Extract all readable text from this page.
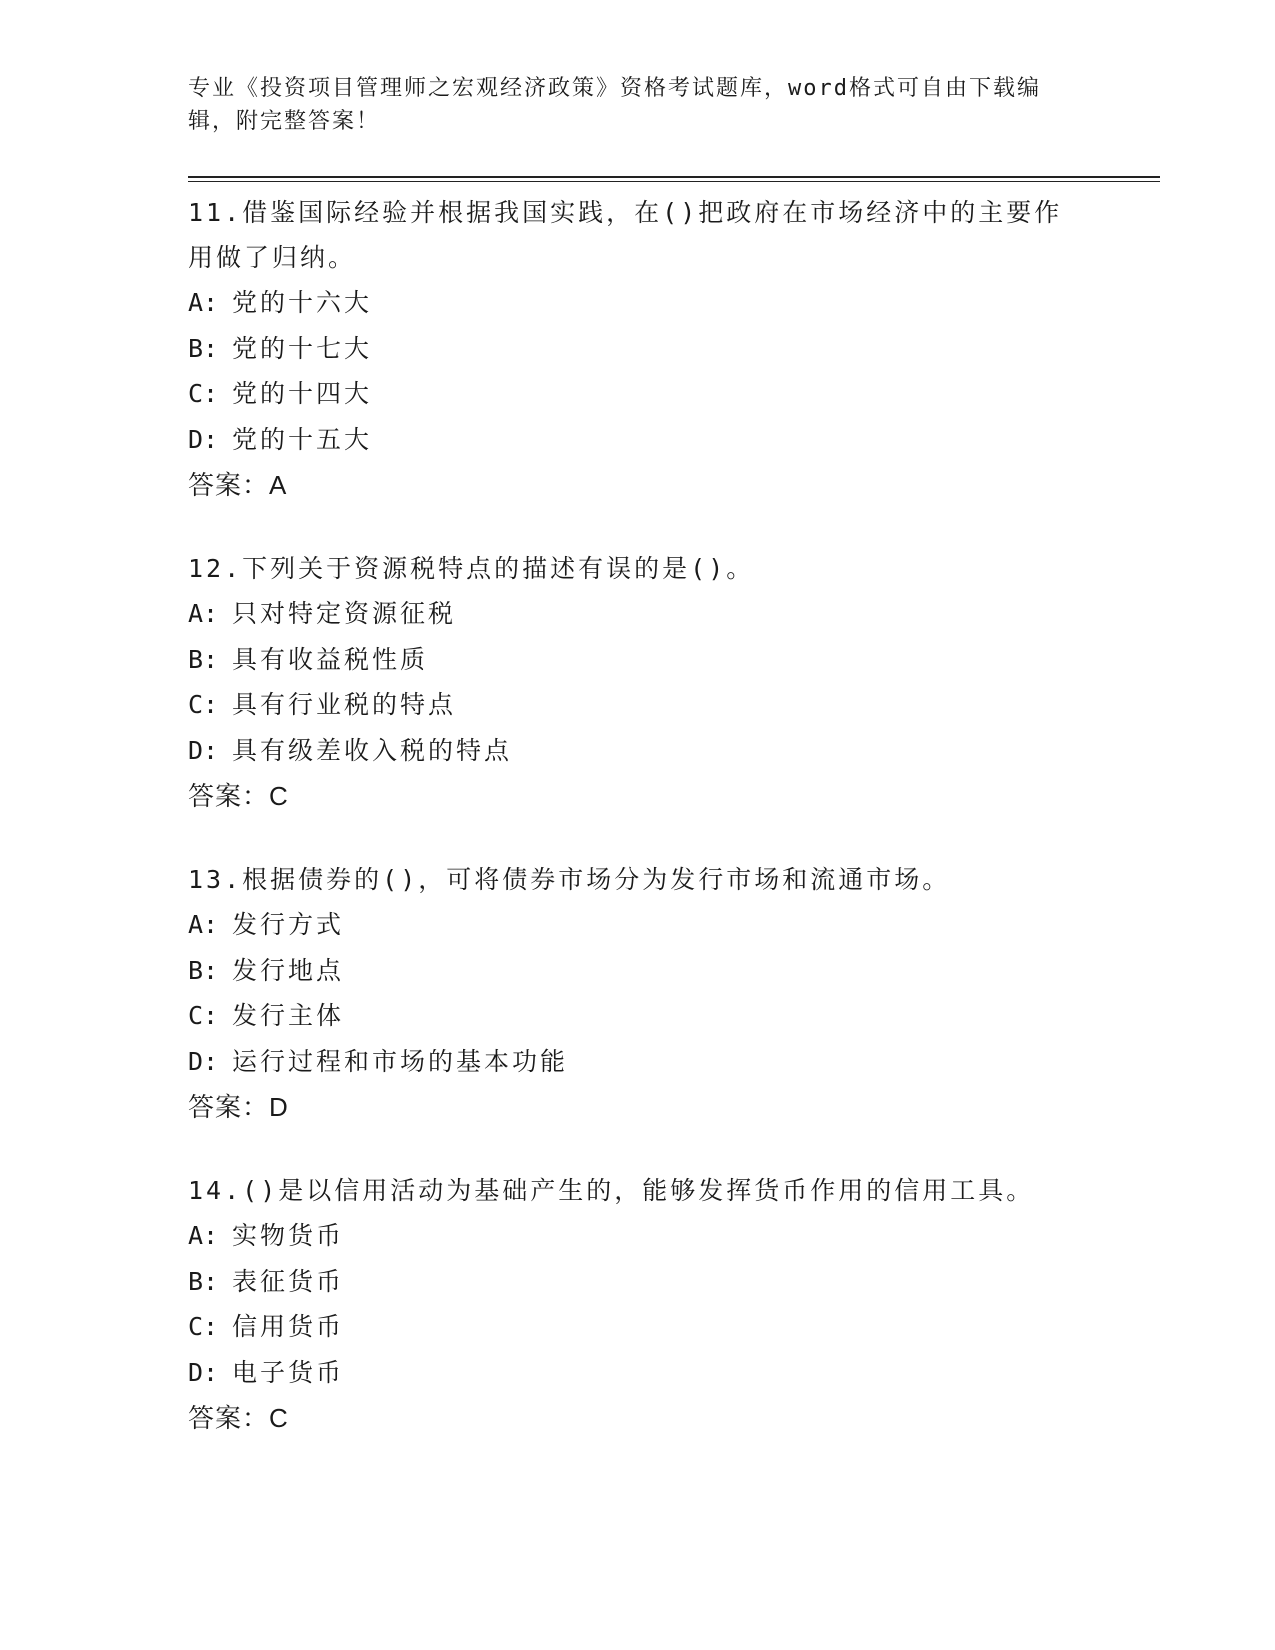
专业《投资项目管理师之宏观经济政策》资格考试题库，word格式可自由下载编辑，附完整答案！
11.借鉴国际经验并根据我国实践，在()把政府在市场经济中的主要作用做了归纳。
A: 党的十六大
B: 党的十七大
C: 党的十四大
D: 党的十五大
答案：A
12.下列关于资源税特点的描述有误的是()。
A: 只对特定资源征税
B: 具有收益税性质
C: 具有行业税的特点
D: 具有级差收入税的特点
答案：C
13.根据债券的()，可将债券市场分为发行市场和流通市场。
A: 发行方式
B: 发行地点
C: 发行主体
D: 运行过程和市场的基本功能
答案：D
14.()是以信用活动为基础产生的，能够发挥货币作用的信用工具。
A: 实物货币
B: 表征货币
C: 信用货币
D: 电子货币
答案：C
